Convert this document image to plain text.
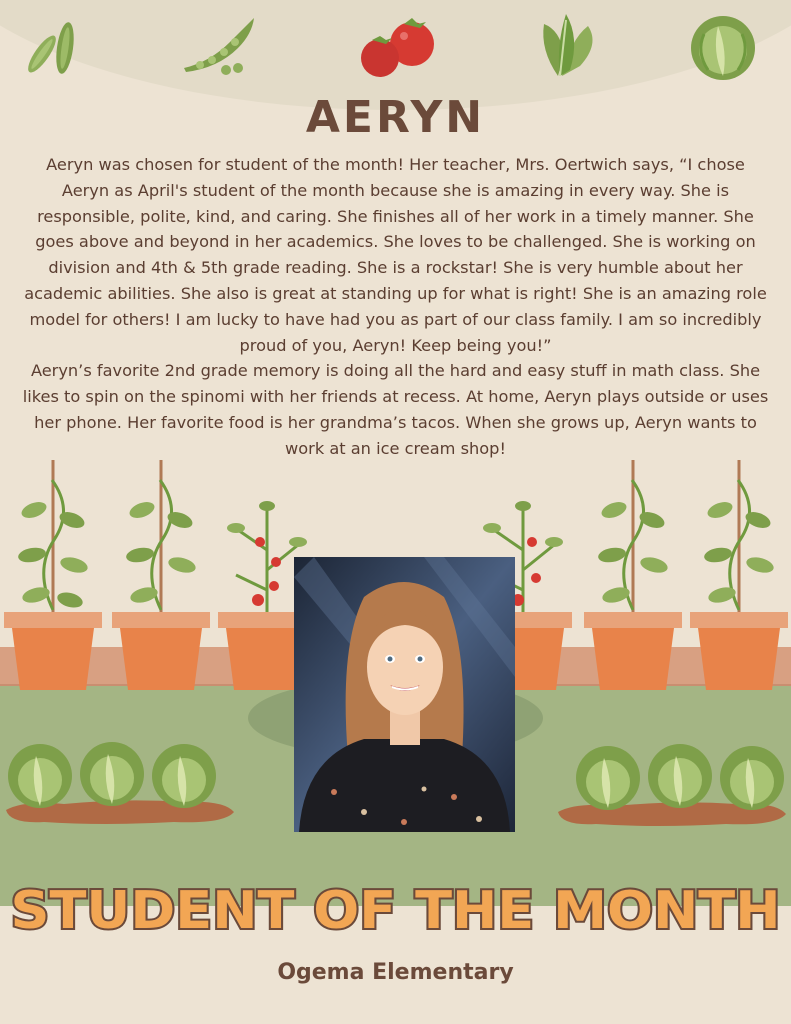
AERYN

Aeryn was chosen for student of the month! Her teacher, Mrs. Oertwich says, “I chose Aeryn as April's student of the month because she is amazing in every way. She is responsible, polite, kind, and caring. She finishes all of her work in a timely manner. She goes above and beyond in her academics. She loves to be challenged. She is working on division and 4th & 5th grade reading. She is a rockstar! She is very humble about her academic abilities. She also is great at standing up for what is right! She is an amazing role model for others! I am lucky to have had you as part of our class family. I am so incredibly proud of you, Aeryn! Keep being you!”

Aeryn’s favorite 2nd grade memory is doing all the hard and easy stuff in math class. She likes to spin on the spinomi with her friends at recess. At home, Aeryn plays outside or uses her phone. Her favorite food is her grandma’s tacos. When she grows up, Aeryn wants to work at an ice cream shop!

STUDENT OF THE MONTH
Ogema Elementary
